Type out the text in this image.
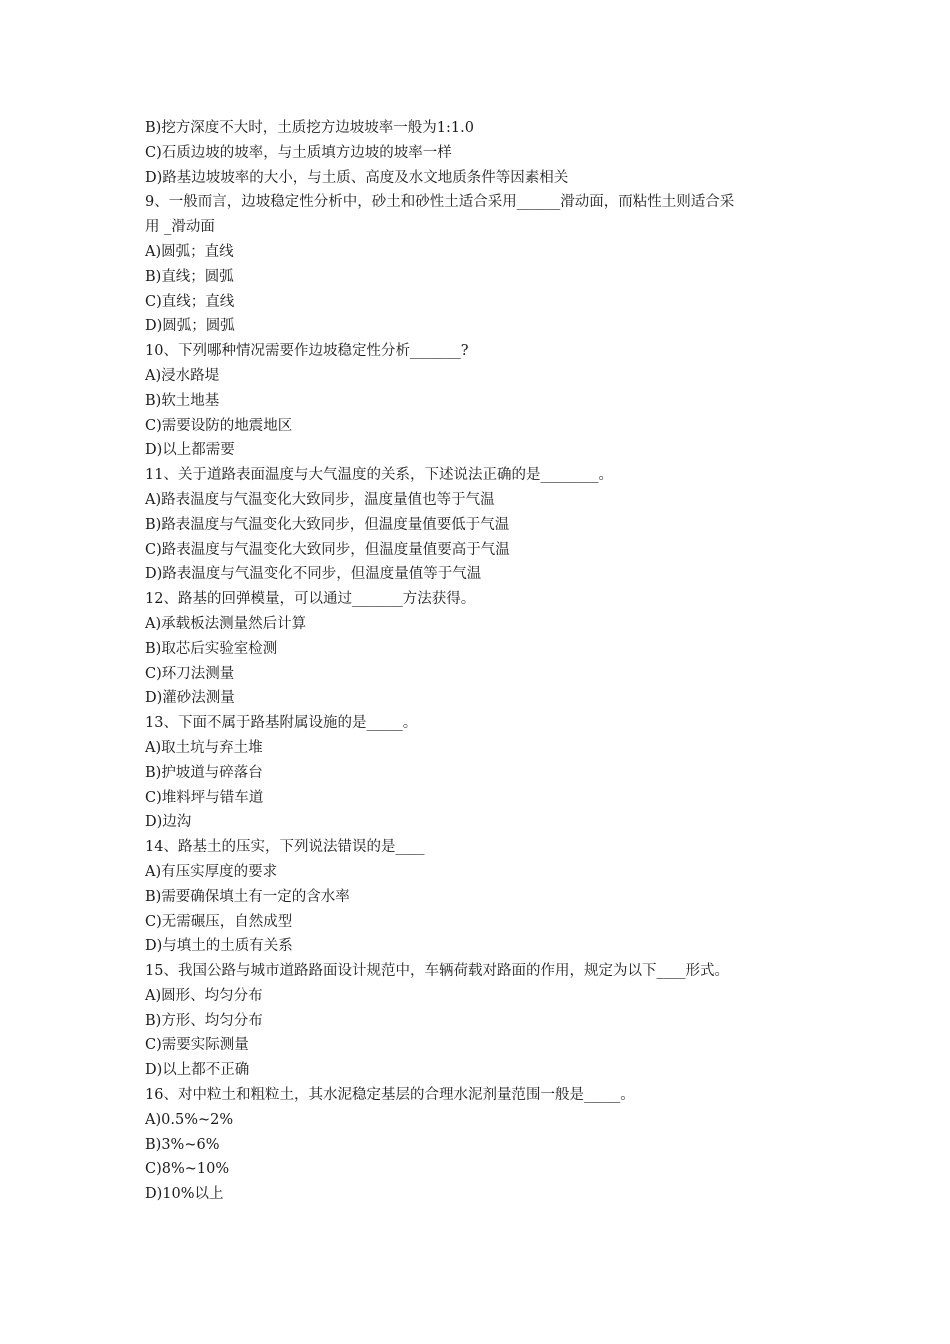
B)挖方深度不大时，土质挖方边坡坡率一般为1:1.0
C)石质边坡的坡率，与土质填方边坡的坡率一样
D)路基边坡坡率的大小，与土质、高度及水文地质条件等因素相关
9、一般而言，边坡稳定性分析中，砂土和砂性土适合采用______滑动面，而粘性土则适合采
用 _滑动面
A)圆弧；直线
B)直线；圆弧
C)直线；直线
D)圆弧；圆弧
10、下列哪种情况需要作边坡稳定性分析_______?
A)浸水路堤
B)软土地基
C)需要设防的地震地区
D)以上都需要
11、关于道路表面温度与大气温度的关系，下述说法正确的是________。
A)路表温度与气温变化大致同步，温度量值也等于气温
B)路表温度与气温变化大致同步，但温度量值要低于气温
C)路表温度与气温变化大致同步，但温度量值要高于气温
D)路表温度与气温变化不同步，但温度量值等于气温
12、路基的回弹模量，可以通过_______方法获得。
A)承载板法测量然后计算
B)取芯后实验室检测
C)环刀法测量
D)灌砂法测量
13、下面不属于路基附属设施的是_____。
A)取土坑与弃土堆
B)护坡道与碎落台
C)堆料坪与错车道
D)边沟
14、路基土的压实，下列说法错误的是____
A)有压实厚度的要求
B)需要确保填土有一定的含水率
C)无需碾压，自然成型
D)与填土的土质有关系
15、我国公路与城市道路路面设计规范中，车辆荷载对路面的作用，规定为以下____形式。
A)圆形、均匀分布
B)方形、均匀分布
C)需要实际测量
D)以上都不正确
16、对中粒土和粗粒土，其水泥稳定基层的合理水泥剂量范围一般是_____。
A)0.5%~2%
B)3%~6%
C)8%~10%
D)10%以上
